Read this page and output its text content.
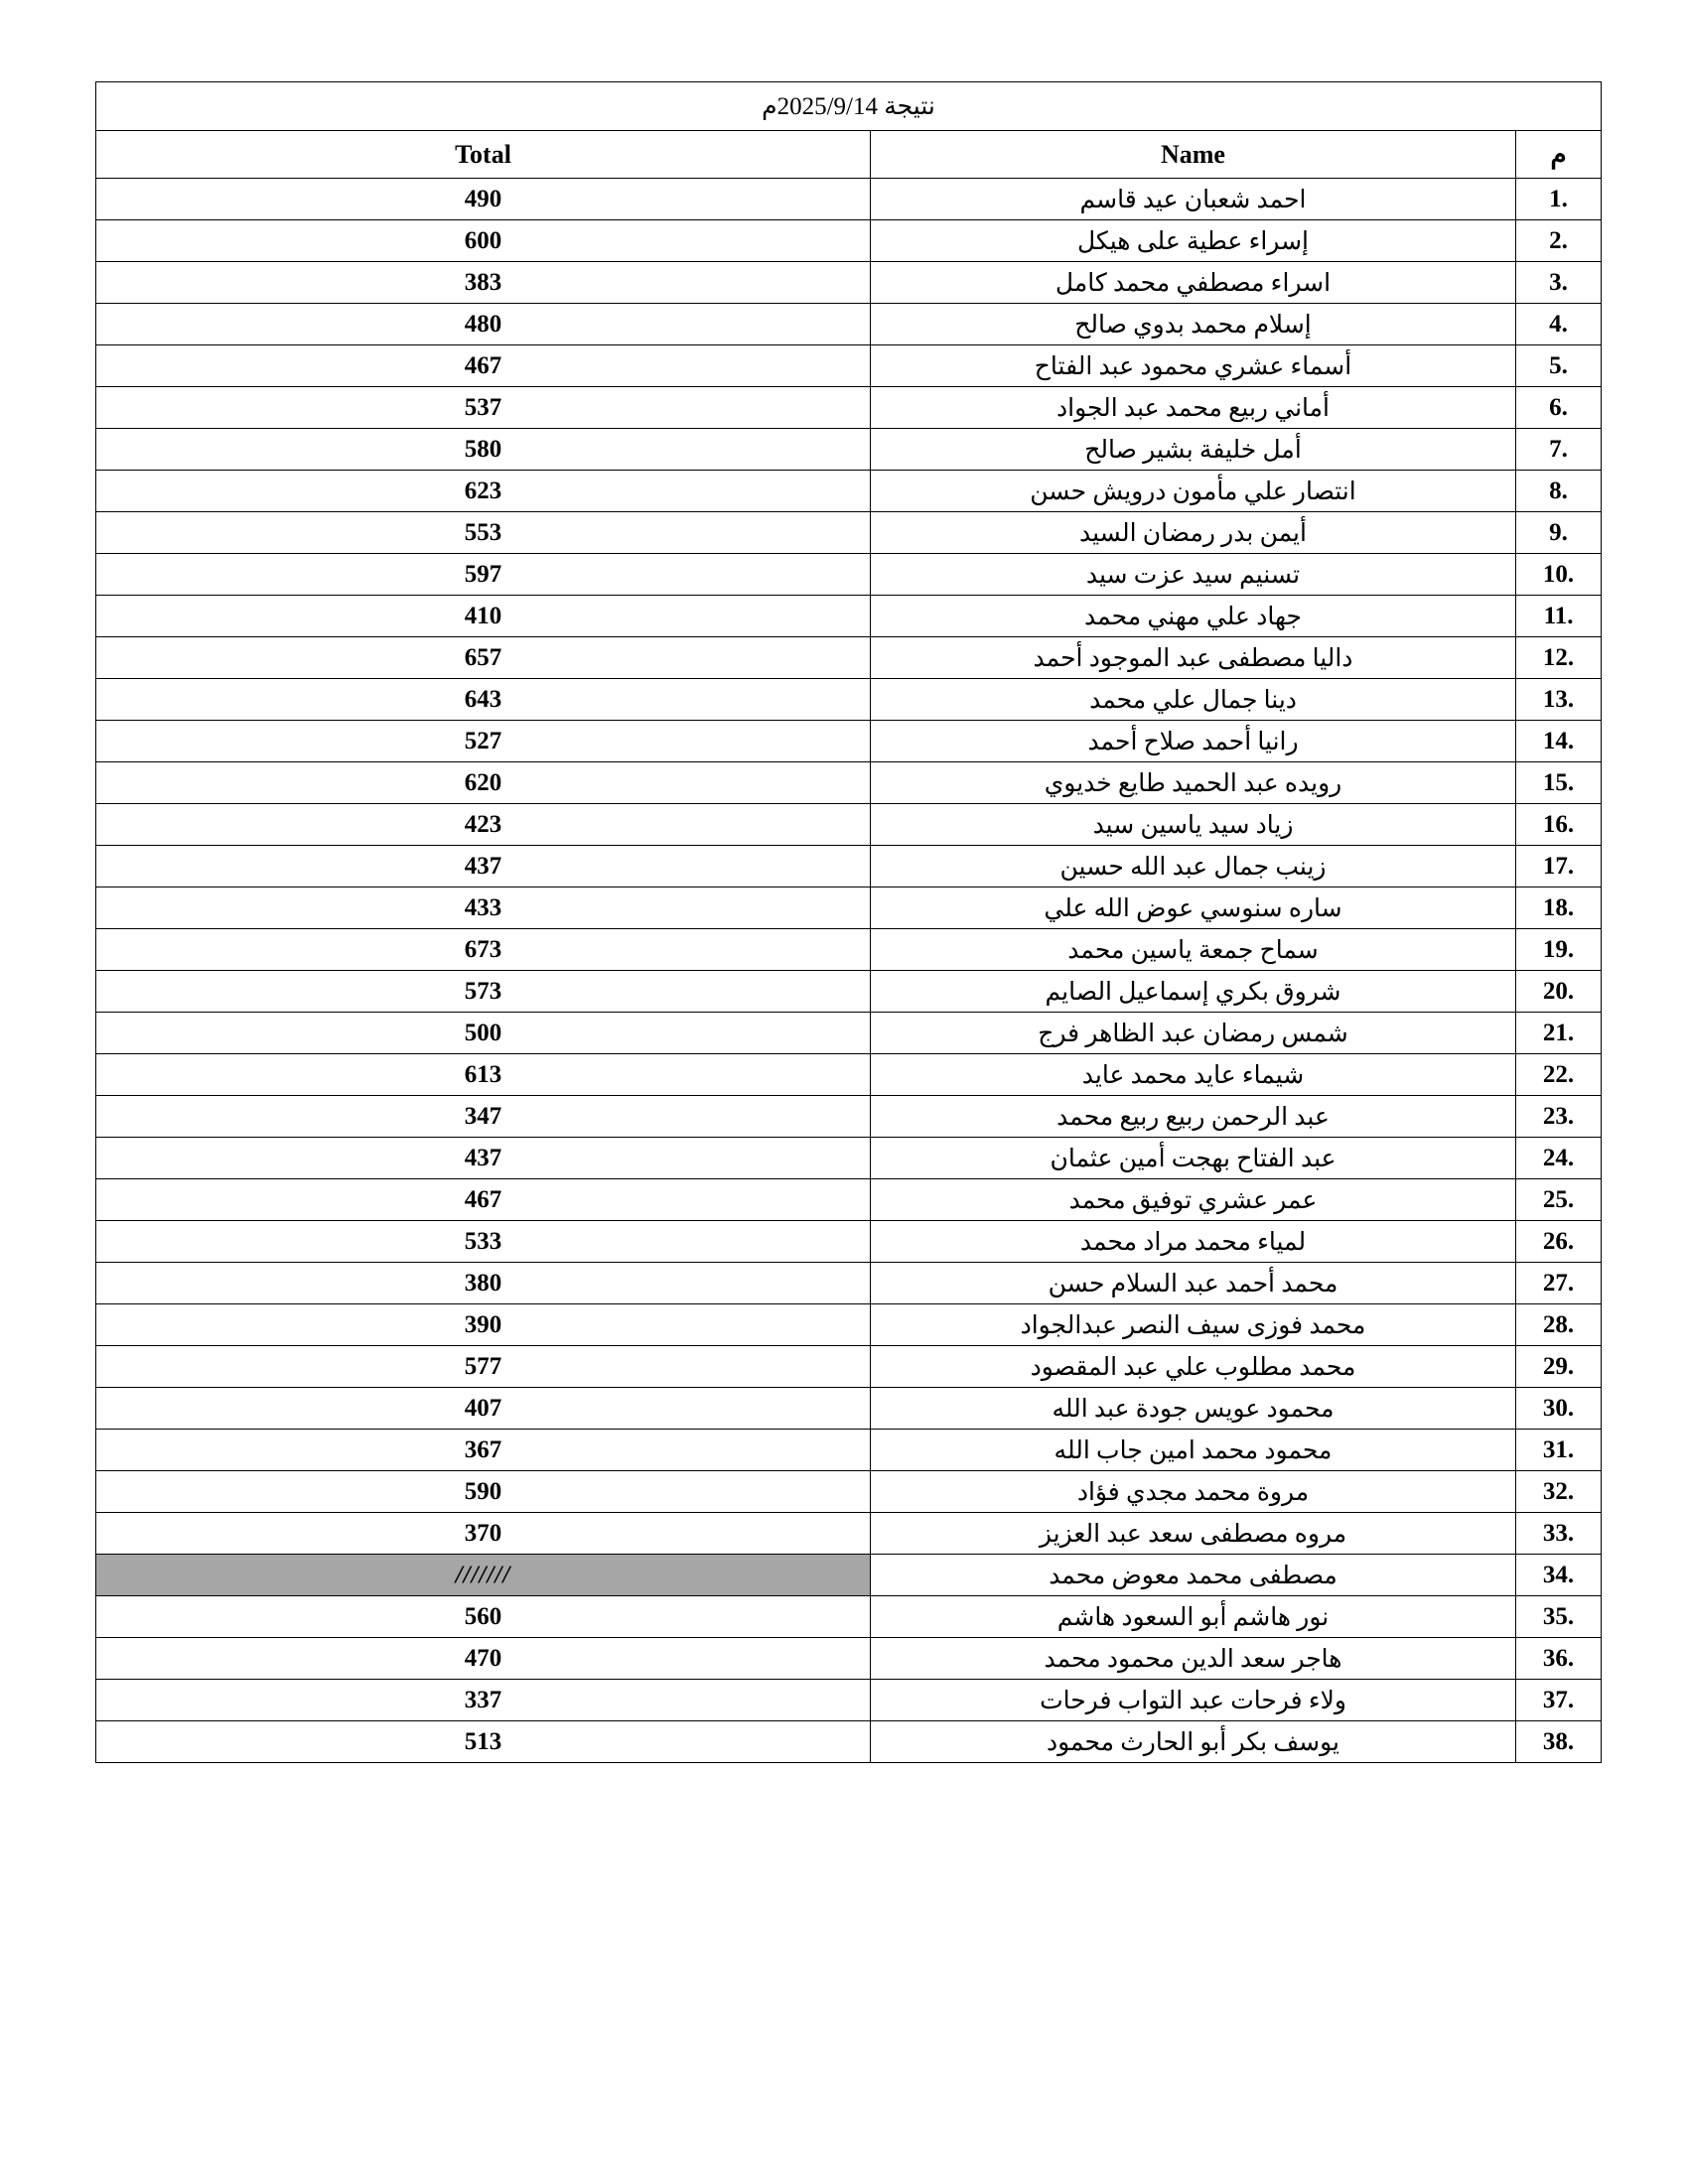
نتيجة 2025/9/14م		
Total	Name	م
490	احمد شعبان عيد قاسم	.1
600	إسراء عطية على هيكل	.2
383	اسراء مصطفي محمد كامل	.3
480	إسلام محمد بدوي صالح	.4
467	أسماء عشري محمود عبد الفتاح	.5
537	أماني ربيع محمد عبد الجواد	.6
580	أمل خليفة بشير صالح	.7
623	انتصار علي مأمون درويش حسن	.8
553	أيمن بدر رمضان السيد	.9
597	تسنيم سيد عزت سيد	.10
410	جهاد علي مهني محمد	.11
657	داليا مصطفى عبد الموجود أحمد	.12
643	دينا جمال علي محمد	.13
527	رانيا أحمد صلاح أحمد	.14
620	رويده عبد الحميد طايع خديوي	.15
423	زياد سيد ياسين سيد	.16
437	زينب جمال عبد الله حسين	.17
433	ساره سنوسي عوض الله علي	.18
673	سماح جمعة ياسين محمد	.19
573	شروق بكري إسماعيل الصايم	.20
500	شمس رمضان عبد الظاهر فرج	.21
613	شيماء عايد محمد عايد	.22
347	عبد الرحمن ربيع ربيع محمد	.23
437	عبد الفتاح بهجت أمين عثمان	.24
467	عمر عشري توفيق محمد	.25
533	لمياء محمد مراد محمد	.26
380	محمد أحمد عبد السلام حسن	.27
390	محمد فوزى سيف النصر عبدالجواد	.28
577	محمد مطلوب علي عبد المقصود	.29
407	محمود عويس جودة عبد الله	.30
367	محمود محمد امين جاب الله	.31
590	مروة محمد مجدي فؤاد	.32
370	مروه مصطفى سعد عبد العزيز	.33
///////	مصطفى محمد معوض محمد	.34
560	نور هاشم أبو السعود هاشم	.35
470	هاجر سعد الدين محمود محمد	.36
337	ولاء فرحات عبد التواب فرحات	.37
513	يوسف بكر أبو الحارث محمود	.38
